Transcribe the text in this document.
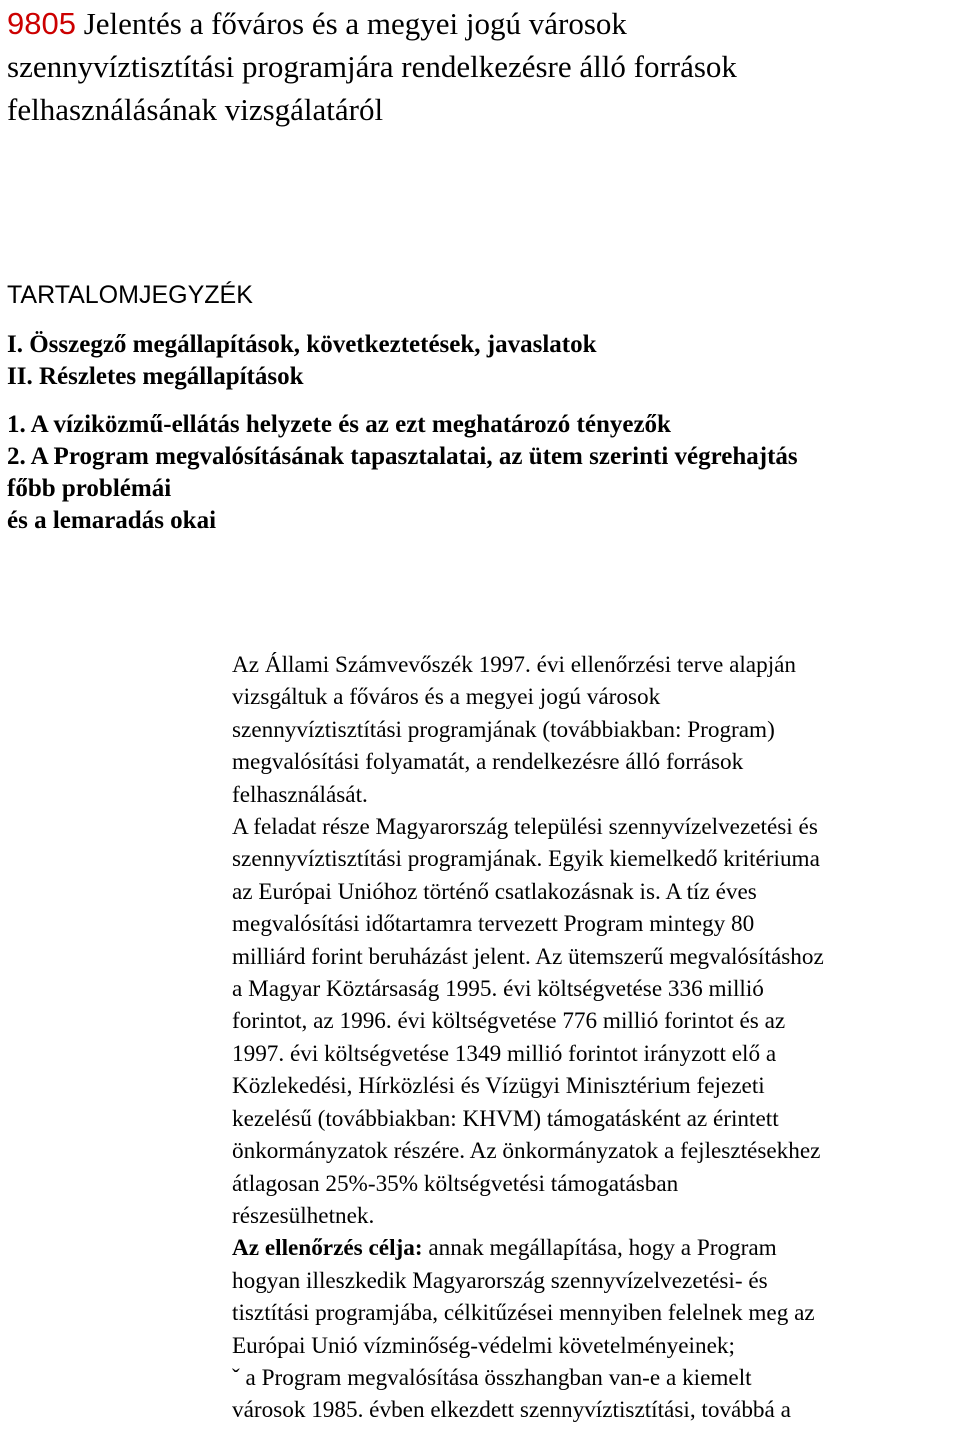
9805 Jelentés a főváros és a megyei jogú városok
szennyvíztisztítási programjára rendelkezésre álló források
felhasználásának vizsgálatáról
TARTALOMJEGYZÉK
I. Összegző megállapítások, következtetések, javaslatok
II. Részletes megállapítások
1. A víziközmű-ellátás helyzete és az ezt meghatározó tényezők
2. A Program megvalósításának tapasztalatai, az ütem szerinti végrehajtás
főbb problémái
és a lemaradás okai

Az Állami Számvevőszék 1997. évi ellenőrzési terve alapján

vizsgáltuk a főváros és a megyei jogú városok

szennyvíztisztítási programjának (továbbiakban: Program)

megvalósítási folyamatát, a rendelkezésre álló források

felhasználását.

A feladat része Magyarország települési szennyvízelvezetési és

szennyvíztisztítási programjának. Egyik kiemelkedő kritériuma

az Európai Unióhoz történő csatlakozásnak is. A tíz éves

megvalósítási időtartamra tervezett Program mintegy 80

milliárd forint beruházást jelent. Az ütemszerű megvalósításhoz

a Magyar Köztársaság 1995. évi költségvetése 336 millió

forintot, az 1996. évi költségvetése 776 millió forintot és az

1997. évi költségvetése 1349 millió forintot irányzott elő a

Közlekedési, Hírközlési és Vízügyi Minisztérium fejezeti

kezelésű (továbbiakban: KHVM) támogatásként az érintett

önkormányzatok részére. Az önkormányzatok a fejlesztésekhez

átlagosan 25%-35% költségvetési támogatásban

részesülhetnek.

Az ellenőrzés célja: annak megállapítása, hogy a Program

hogyan illeszkedik Magyarország szennyvízelvezetési- és

tisztítási programjába, célkitűzései mennyiben felelnek meg az

Európai Unió vízminőség-védelmi követelményeinek;

ˇ a Program megvalósítása összhangban van-e a kiemelt

városok 1985. évben elkezdett szennyvíztisztítási, továbbá a
